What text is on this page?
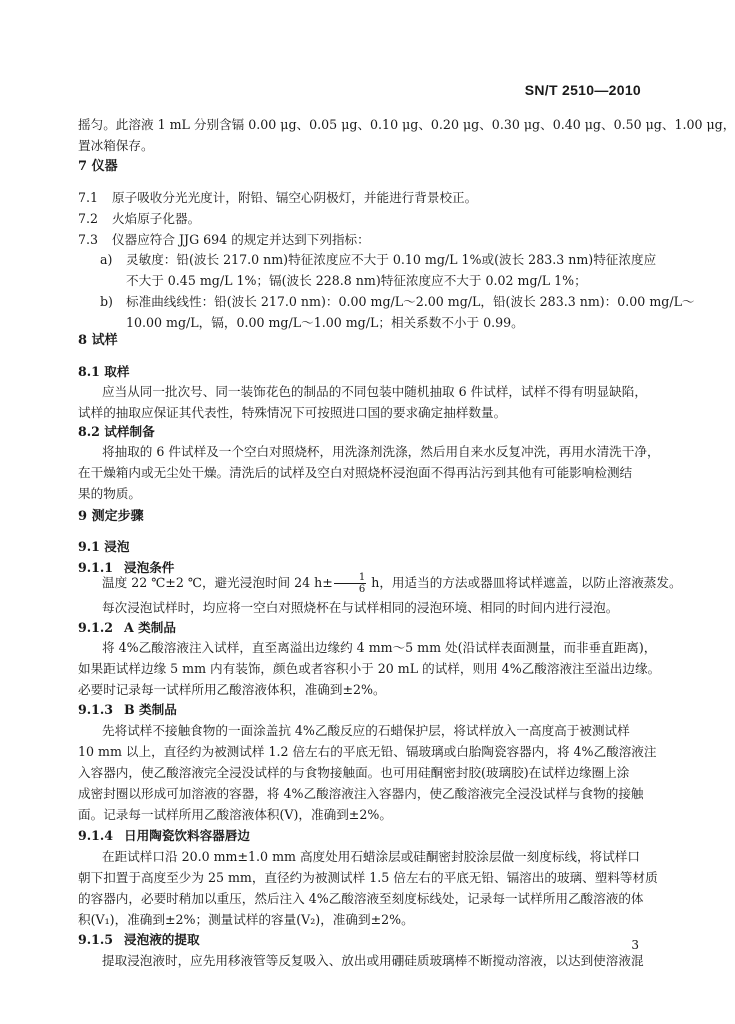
SN/T 2510—2010
摇匀。此溶液 1 mL 分别含镉 0.00 μg、0.05 μg、0.10 μg、0.20 μg、0.30 μg、0.40 μg、0.50 μg、1.00 μg，
置冰箱保存。
7 仪器
7.1 原子吸收分光光度计，附铅、镉空心阴极灯，并能进行背景校正。
7.2 火焰原子化器。
7.3 仪器应符合 JJG 694 的规定并达到下列指标：
a) 灵敏度：铅(波长 217.0 nm)特征浓度应不大于 0.10 mg/L 1%或(波长 283.3 nm)特征浓度应
不大于 0.45 mg/L 1%；镉(波长 228.8 nm)特征浓度应不大于 0.02 mg/L 1%；
b) 标准曲线线性：铅(波长 217.0 nm)：0.00 mg/L～2.00 mg/L，铅(波长 283.3 nm)：0.00 mg/L～
10.00 mg/L，镉，0.00 mg/L～1.00 mg/L；相关系数不小于 0.99。
8 试样
8.1 取样
应当从同一批次号、同一装饰花色的制品的不同包装中随机抽取 6 件试样，试样不得有明显缺陷，
试样的抽取应保证其代表性，特殊情况下可按照进口国的要求确定抽样数量。
8.2 试样制备
将抽取的 6 件试样及一个空白对照烧杯，用洗涤剂洗涤，然后用自来水反复冲洗，再用水清洗干净，
在干燥箱内或无尘处干燥。清洗后的试样及空白对照烧杯浸泡面不得再沾污到其他有可能影响检测结
果的物质。
9 测定步骤
9.1 浸泡
9.1.1 浸泡条件
温度 22 ℃±2 ℃，避光浸泡时间 24 $h\pm \frac{1}{6}$ h，用适当的方法或器皿将试样遮盖，以防止溶液蒸发。
每次浸泡试样时，均应将一空白对照烧杯在与试样相同的浸泡环境、相同的时间内进行浸泡。
9.1.2 A 类制品
将 4%乙酸溶液注入试样，直至离溢出边缘约 4 mm～5 mm 处(沿试样表面测量，而非垂直距离)，
如果距试样边缘 5 mm 内有装饰，颜色或者容积小于 20 mL 的试样，则用 4%乙酸溶液注至溢出边缘。
必要时记录每一试样所用乙酸溶液体积，准确到±2%。
9.1.3 B 类制品
先将试样不接触食物的一面涂盖抗 4%乙酸反应的石蜡保护层，将试样放入一高度高于被测试样
10 mm 以上，直径约为被测试样 1.2 倍左右的平底无铅、镉玻璃或白胎陶瓷容器内，将 4%乙酸溶液注
入容器内，使乙酸溶液完全浸没试样的与食物接触面。也可用硅酮密封胶(玻璃胶)在试样边缘圈上涂
成密封圈以形成可加溶液的容器，将 4%乙酸溶液注入容器内，使乙酸溶液完全浸没试样与食物的接触
面。记录每一试样所用乙酸溶液体积(V)，准确到±2%。
9.1.4 日用陶瓷饮料容器唇边
在距试样口沿 20.0 mm±1.0 mm 高度处用石蜡涂层或硅酮密封胶涂层做一刻度标线，将试样口
朝下扣置于高度至少为 25 mm，直径约为被测试样 1.5 倍左右的平底无铅、镉溶出的玻璃、塑料等材质
的容器内，必要时稍加以重压，然后注入 4%乙酸溶液至刻度标线处，记录每一试样所用乙酸溶液的体
积(V₁)，准确到±2%；测量试样的容量(V₂)，准确到±2%。
9.1.5 浸泡液的提取
提取浸泡液时，应先用移液管等反复吸入、放出或用硼硅质玻璃棒不断搅动溶液，以达到使溶液混
3
